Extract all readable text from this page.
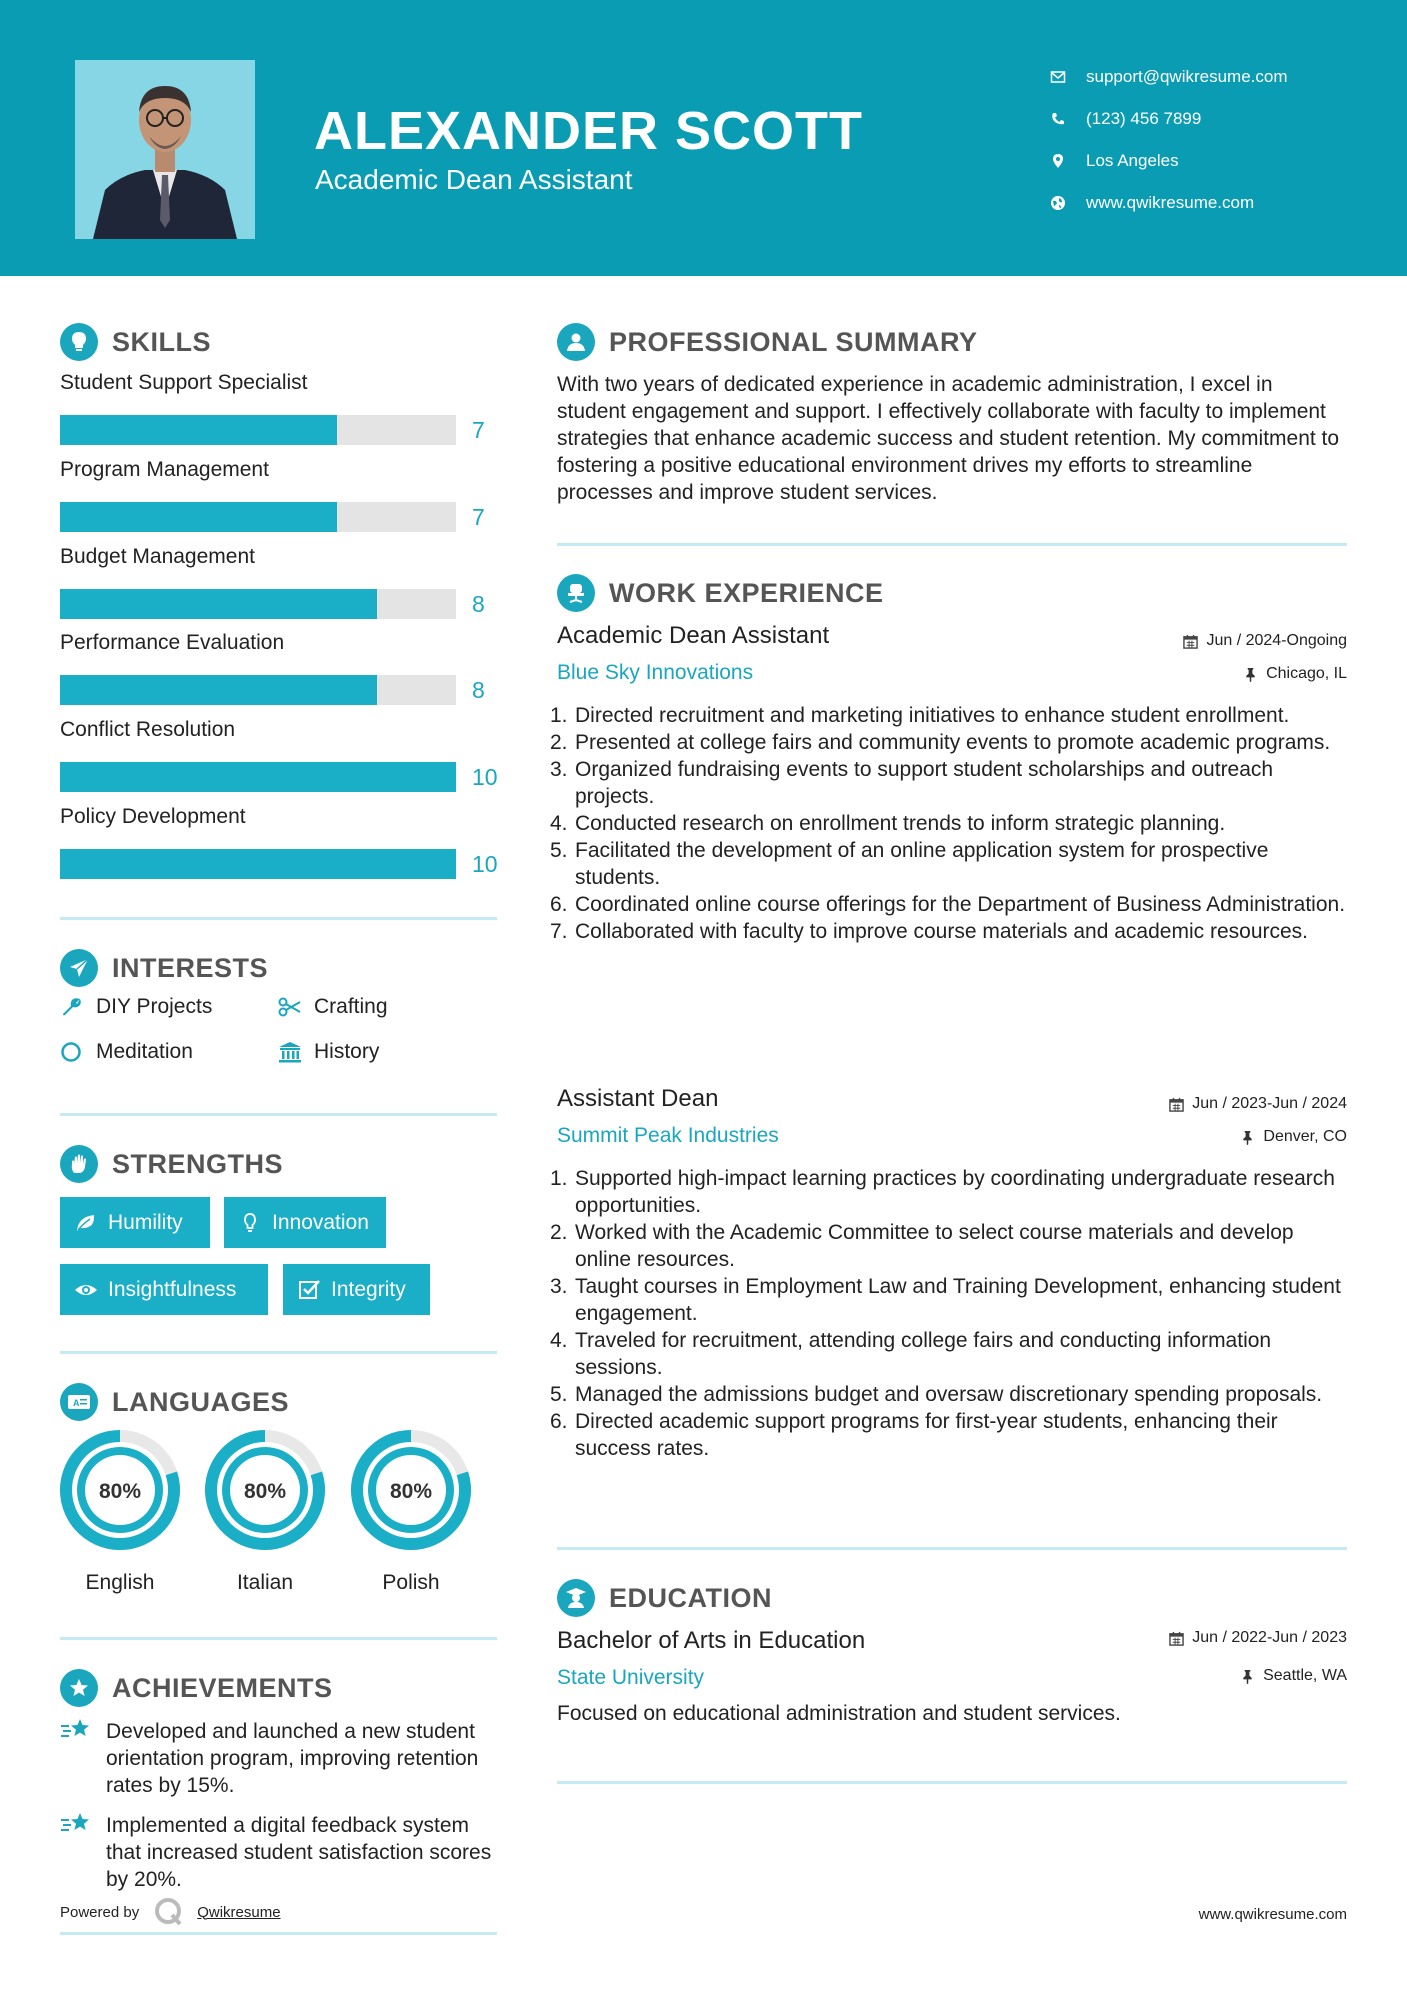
ALEXANDER SCOTT
Academic Dean Assistant
support@qwikresume.com
(123) 456 7899
Los Angeles
www.qwikresume.com
SKILLS
Student Support Specialist
7
Program Management
7
Budget Management
8
Performance Evaluation
8
Conflict Resolution
10
Policy Development
10
INTERESTS
DIY Projects	Crafting
Meditation	History
STRENGTHS
Humility	Innovation
Insightfulness	Integrity
A LANGUAGES
80%
English
80%
Italian
80%
Polish
ACHIEVEMENTS
Developed and launched a new student orientation program, improving retention rates by 15%.
Implemented a digital feedback system that increased student satisfaction scores by 20%.
Powered by	Qwikresume	www.qwikresume.com
PROFESSIONAL SUMMARY
With two years of dedicated experience in academic administration, I excel in student engagement and support. I effectively collaborate with faculty to implement strategies that enhance academic success and student retention. My commitment to fostering a positive educational environment drives my efforts to streamline processes and improve student services.
WORK EXPERIENCE
Academic Dean Assistant	Jun / 2024-Ongoing
Blue Sky Innovations	Chicago, IL
1. Directed recruitment and marketing initiatives to enhance student enrollment.
2. Presented at college fairs and community events to promote academic programs.
3. Organized fundraising events to support student scholarships and outreach projects.
4. Conducted research on enrollment trends to inform strategic planning.
5. Facilitated the development of an online application system for prospective students.
6. Coordinated online course offerings for the Department of Business Administration.
7. Collaborated with faculty to improve course materials and academic resources.
Assistant Dean	Jun / 2023-Jun / 2024
Summit Peak Industries	Denver, CO
1. Supported high-impact learning practices by coordinating undergraduate research opportunities.
2. Worked with the Academic Committee to select course materials and develop online resources.
3. Taught courses in Employment Law and Training Development, enhancing student engagement.
4. Traveled for recruitment, attending college fairs and conducting information sessions.
5. Managed the admissions budget and oversaw discretionary spending proposals.
6. Directed academic support programs for first-year students, enhancing their success rates.
EDUCATION
Bachelor of Arts in Education	Jun / 2022-Jun / 2023
State University	Seattle, WA
Focused on educational administration and student services.
